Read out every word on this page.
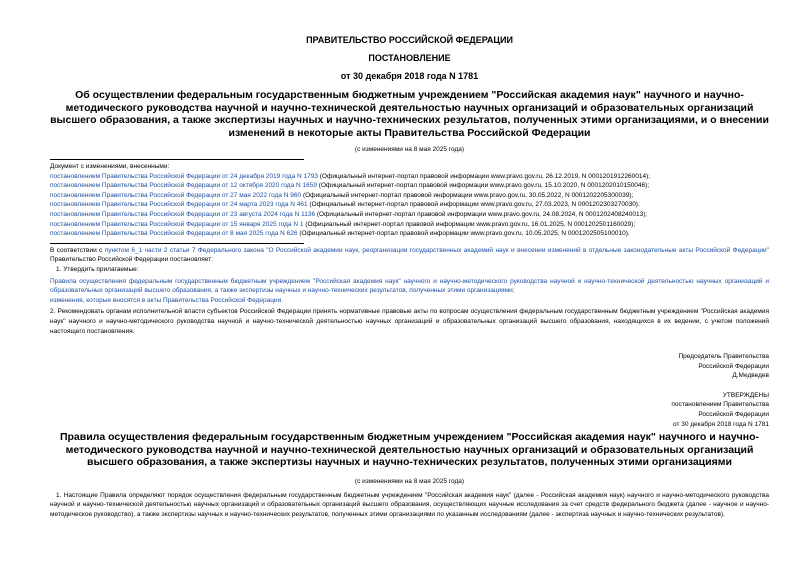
ПРАВИТЕЛЬСТВО РОССИЙСКОЙ ФЕДЕРАЦИИ
ПОСТАНОВЛЕНИЕ
от 30 декабря 2018 года N 1781
Об осуществлении федеральным государственным бюджетным учреждением "Российская академия наук" научного и научно-методического руководства научной и научно-технической деятельностью научных организаций и образовательных организаций высшего образования, а также экспертизы научных и научно-технических результатов, полученных этими организациями, и о внесении изменений в некоторые акты Правительства Российской Федерации
(с изменениями на 8 мая 2025 года)
Документ с изменениями, внесенными:
постановлением Правительства Российской Федерации от 24 декабря 2019 года N 1793 (Официальный интернет-портал правовой информации www.pravo.gov.ru, 26.12.2019, N 0001201912260014);
постановлением Правительства Российской Федерации от 12 октября 2020 года N 1659 (Официальный интернет-портал правовой информации www.pravo.gov.ru, 15.10.2020, N 0001202010150046);
постановлением Правительства Российской Федерации от 27 мая 2022 года N 960 (Официальный интернет-портал правовой информации www.pravo.gov.ru, 30.05.2022, N 0001202205300039);
постановлением Правительства Российской Федерации от 24 марта 2023 года N 461 (Официальный интернет-портал правовой информации www.pravo.gov.ru, 27.03.2023, N 0001202303270030);
постановлением Правительства Российской Федерации от 23 августа 2024 года N 1136 (Официальный интернет-портал правовой информации www.pravo.gov.ru, 24.08.2024, N 0001202408240013);
постановлением Правительства Российской Федерации от 15 января 2025 года N 1 (Официальный интернет-портал правовой информации www.pravo.gov.ru, 16.01.2025, N 0001202501160029);
постановлением Правительства Российской Федерации от 8 мая 2025 года N 626 (Официальный интернет-портал правовой информации www.pravo.gov.ru, 10.05.2025, N 0001202505100010).
В соответствии с пунктом 6_1 части 2 статьи 7 Федерального закона "О Российской академии наук, реорганизации государственных академий наук и внесении изменений в отдельные законодательные акты Российской Федерации" Правительство Российской Федерации постановляет:
1. Утвердить прилагаемые:
Правила осуществления федеральным государственным бюджетным учреждением "Российская академия наук" научного и научно-методического руководства научной и научно-технической деятельностью научных организаций и образовательных организаций высшего образования, а также экспертизы научных и научно-технических результатов, полученных этими организациями;
изменения, которые вносятся в акты Правительства Российской Федерации.
2. Рекомендовать органам исполнительной власти субъектов Российской Федерации принять нормативные правовые акты по вопросам осуществления федеральным государственным бюджетным учреждением "Российская академия наук" научного и научно-методического руководства научной и научно-технической деятельностью научных организаций и образовательных организаций высшего образования, находящихся в их ведении, с учетом положений настоящего постановления.
Председатель Правительства
Российской Федерации
Д.Медведев
УТВЕРЖДЕНЫ
постановлением Правительства
Российской Федерации
от 30 декабря 2018 года N 1781
Правила осуществления федеральным государственным бюджетным учреждением "Российская академия наук" научного и научно-методического руководства научной и научно-технической деятельностью научных организаций и образовательных организаций высшего образования, а также экспертизы научных и научно-технических результатов, полученных этими организациями
(с изменениями на 8 мая 2025 года)
1. Настоящие Правила определяют порядок осуществления федеральным государственным бюджетным учреждением "Российская академия наук" (далее - Российская академия наук) научного и научно-методического руководства научной и научно-технической деятельностью научных организаций и образовательных организаций высшего образования, осуществляющих научные исследования за счет средств федерального бюджета (далее - научное и научно-методическое руководство), а также экспертизы научных и научно-технических результатов, полученных этими организациями по указанным исследованиям (далее - экспертиза научных и научно-технических результатов).
